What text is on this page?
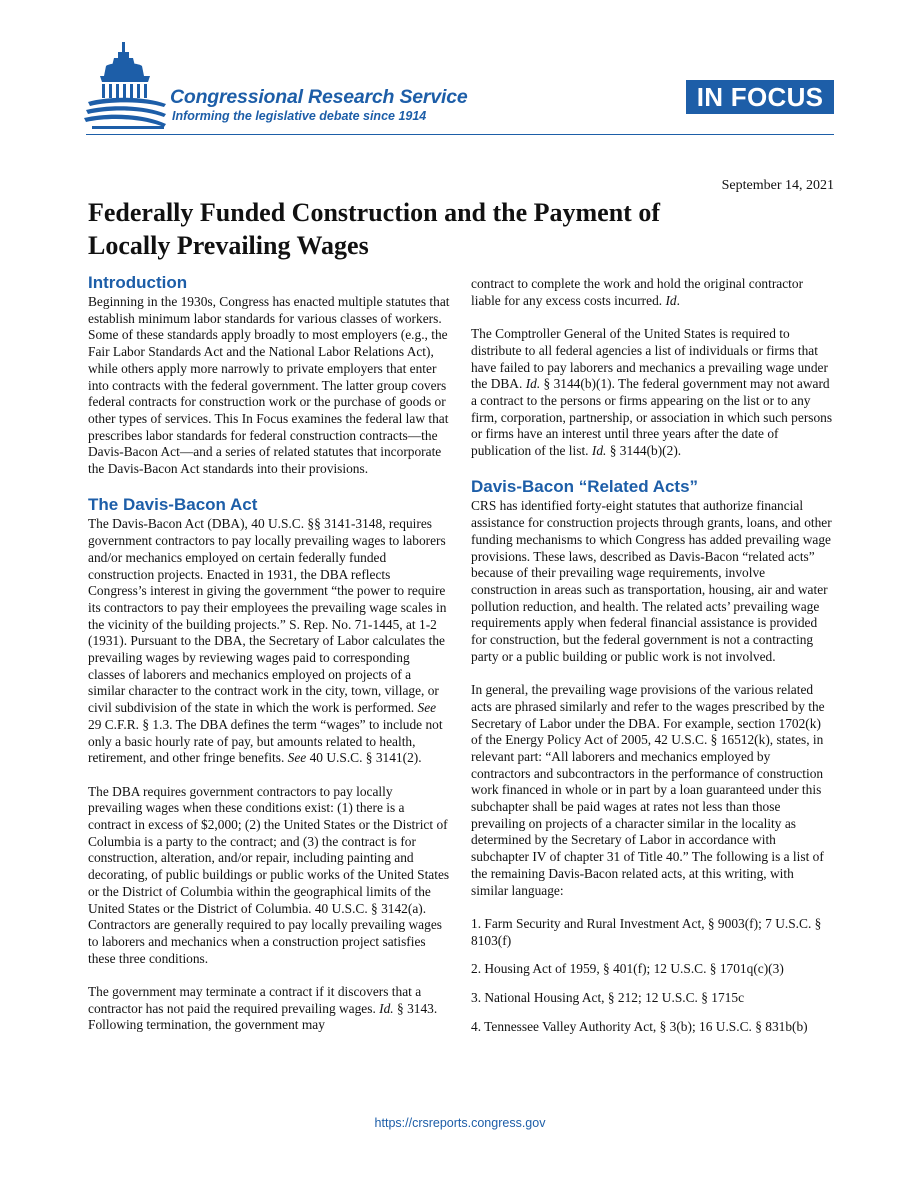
Congressional Research Service
Informing the legislative debate since 1914
IN FOCUS
September 14, 2021
Federally Funded Construction and the Payment of Locally Prevailing Wages
Introduction

Beginning in the 1930s, Congress has enacted multiple statutes that establish minimum labor standards for various classes of workers. Some of these standards apply broadly to most employers (e.g., the Fair Labor Standards Act and the National Labor Relations Act), while others apply more narrowly to private employers that enter into contracts with the federal government. The latter group covers federal contracts for construction work or the purchase of goods or other types of services. This In Focus examines the federal law that prescribes labor standards for federal construction contracts—the Davis-Bacon Act—and a series of related statutes that incorporate the Davis-Bacon Act standards into their provisions.

The Davis-Bacon Act

The Davis-Bacon Act (DBA), 40 U.S.C. §§ 3141-3148, requires government contractors to pay locally prevailing wages to laborers and/or mechanics employed on certain federally funded construction projects. Enacted in 1931, the DBA reflects Congress’s interest in giving the government “the power to require its contractors to pay their employees the prevailing wage scales in the vicinity of the building projects.” S. Rep. No. 71-1445, at 1-2 (1931). Pursuant to the DBA, the Secretary of Labor calculates the prevailing wages by reviewing wages paid to corresponding classes of laborers and mechanics employed on projects of a similar character to the contract work in the city, town, village, or civil subdivision of the state in which the work is performed. See 29 C.F.R. § 1.3. The DBA defines the term “wages” to include not only a basic hourly rate of pay, but amounts related to health, retirement, and other fringe benefits. See 40 U.S.C. § 3141(2).

The DBA requires government contractors to pay locally prevailing wages when these conditions exist: (1) there is a contract in excess of $2,000; (2) the United States or the District of Columbia is a party to the contract; and (3) the contract is for construction, alteration, and/or repair, including painting and decorating, of public buildings or public works of the United States or the District of Columbia within the geographical limits of the United States or the District of Columbia. 40 U.S.C. § 3142(a). Contractors are generally required to pay locally prevailing wages to laborers and mechanics when a construction project satisfies these three conditions.

The government may terminate a contract if it discovers that a contractor has not paid the required prevailing wages. Id. § 3143. Following termination, the government may

contract to complete the work and hold the original contractor liable for any excess costs incurred. Id.

The Comptroller General of the United States is required to distribute to all federal agencies a list of individuals or firms that have failed to pay laborers and mechanics a prevailing wage under the DBA. Id. § 3144(b)(1). The federal government may not award a contract to the persons or firms appearing on the list or to any firm, corporation, partnership, or association in which such persons or firms have an interest until three years after the date of publication of the list. Id. § 3144(b)(2).

Davis-Bacon “Related Acts”

CRS has identified forty-eight statutes that authorize financial assistance for construction projects through grants, loans, and other funding mechanisms to which Congress has added prevailing wage provisions. These laws, described as Davis-Bacon “related acts” because of their prevailing wage requirements, involve construction in areas such as transportation, housing, air and water pollution reduction, and health. The related acts’ prevailing wage requirements apply when federal financial assistance is provided for construction, but the federal government is not a contracting party or a public building or public work is not involved.

In general, the prevailing wage provisions of the various related acts are phrased similarly and refer to the wages prescribed by the Secretary of Labor under the DBA. For example, section 1702(k) of the Energy Policy Act of 2005, 42 U.S.C. § 16512(k), states, in relevant part: “All laborers and mechanics employed by contractors and subcontractors in the performance of construction work financed in whole or in part by a loan guaranteed under this subchapter shall be paid wages at rates not less than those prevailing on projects of a character similar in the locality as determined by the Secretary of Labor in accordance with subchapter IV of chapter 31 of Title 40.” The following is a list of the remaining Davis-Bacon related acts, at this writing, with similar language:

1. Farm Security and Rural Investment Act, § 9003(f); 7 U.S.C. § 8103(f)
2. Housing Act of 1959, § 401(f); 12 U.S.C. § 1701q(c)(3)
3. National Housing Act, § 212; 12 U.S.C. § 1715c
4. Tennessee Valley Authority Act, § 3(b); 16 U.S.C. § 831b(b)
https://crsreports.congress.gov
